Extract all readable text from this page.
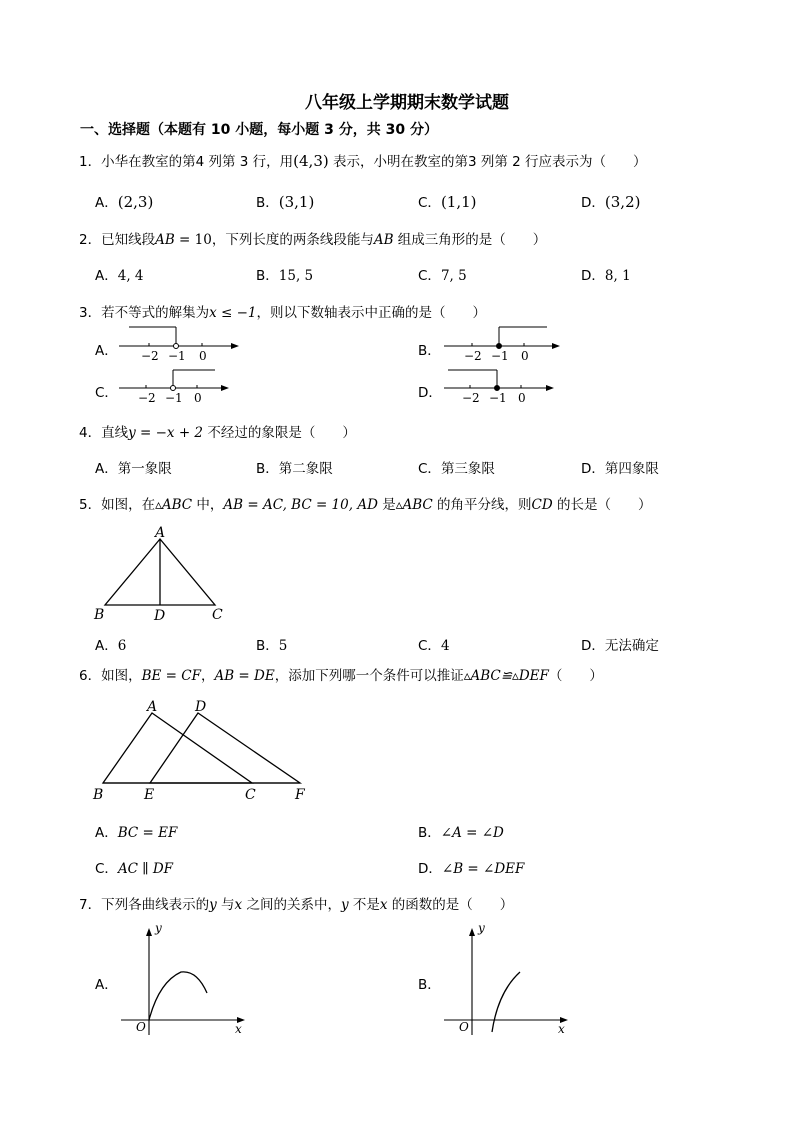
八年级上学期期末数学试题
一、选择题（本题有 10 小题，每小题 3 分，共 30 分）
1．小华在教室的第4 列第 3 行，用(4,3) 表示，小明在教室的第3 列第 2 行应表示为（　　）
A．(2,3)	B．(3,1)	C．(1,1)	D．(3,2)
2．已知线段AB = 10，下列长度的两条线段能与AB 组成三角形的是（　　）
A．4, 4	B．15, 5	C．7, 5	D．8, 1
3．若不等式的解集为x ≤ −1，则以下数轴表示中正确的是（　　）
A． −2 −1 0	B． −2 −1 0
C． −2 −1 0	D． −2 −1 0
4．直线y = −x + 2 不经过的象限是（　　）
A．第一象限	B．第二象限	C．第三象限	D．第四象限
5．如图，在▵ABC 中，AB = AC, BC = 10, AD 是▵ABC 的角平分线，则CD 的长是（　　）
A
B	D	C
A．6	B．5	C．4	D．无法确定
6．如图，BE = CF，AB = DE，添加下列哪一个条件可以推证▵ABC≌▵DEF（　　）
A	D
B	E	C	F
A．BC = EF	B．∠A = ∠D
C．AC ∥ DF	D．∠B = ∠DEF
7．下列各曲线表示的y 与x 之间的关系中，y 不是x 的函数的是（　　）
A．
y
x
O
B．
y
x
O
